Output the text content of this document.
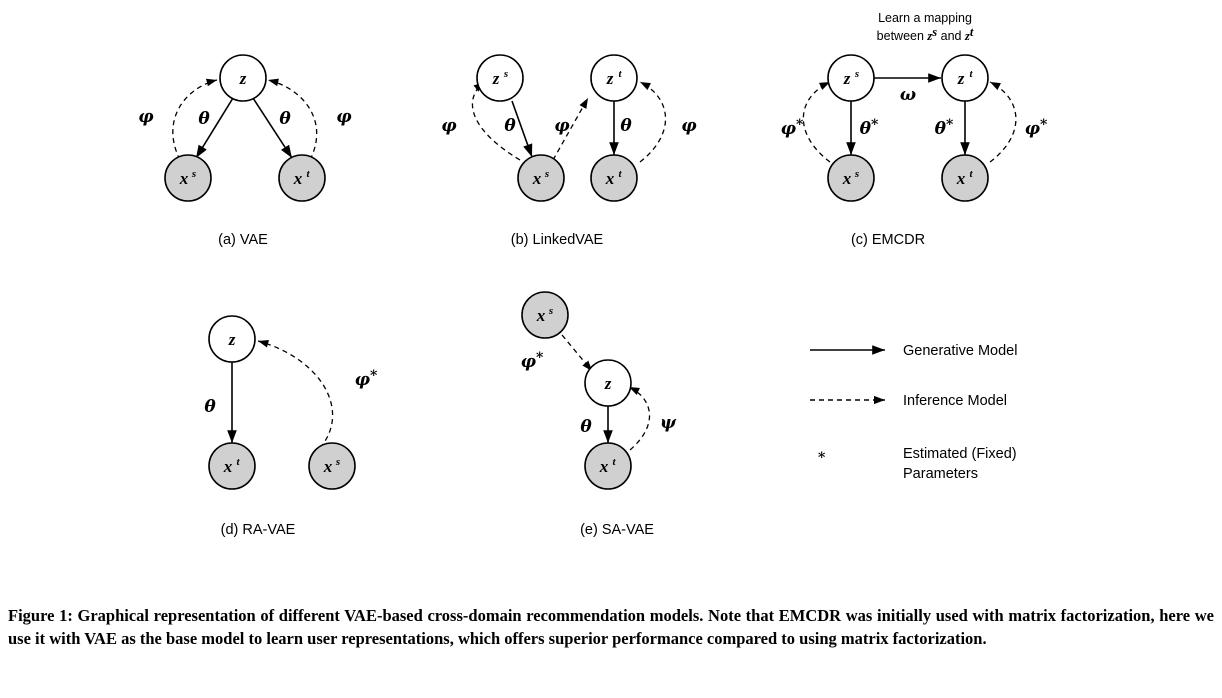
z
x s	x t
φ	θ	θ	φ
(a) VAE
z s	z t
x s	x t
φ	θ φ	θ	φ
(b) LinkedVAE
Learn a mapping
between $z^s$ $_{and}$ $z^t$
ω
z s	z t
x s	x t
φ*	θ*	θ*	φ*
(c) EMCDR
z
x t	x s
θ
φ*
(d) RA-VAE
x s
z
x t
φ*
θ	ψ
(e) SA-VAE
Generative Model
Inference Model
*	Estimated (Fixed)
Parameters
Figure 1: Graphical representation of different VAE-based cross-domain recommendation models. Note that EMCDR was initially used with matrix factorization, here we use it with VAE as the base model to learn user representations, which offers superior performance compared to using matrix factorization.
